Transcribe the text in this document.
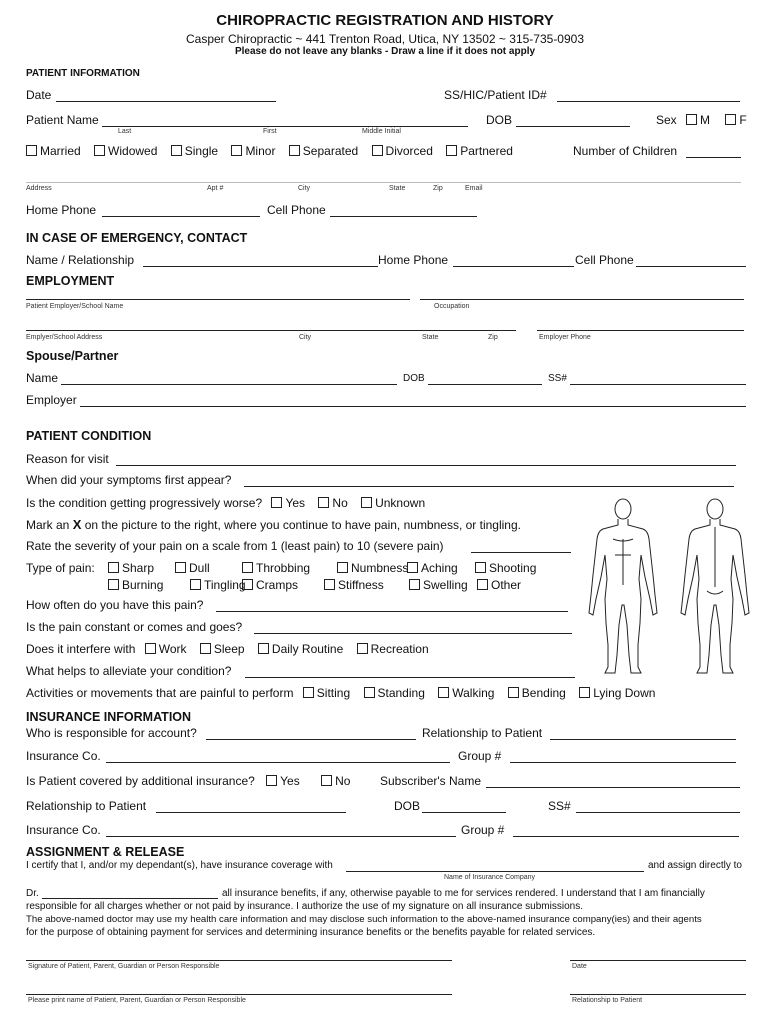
CHIROPRACTIC REGISTRATION AND HISTORY
Casper Chiropractic ~ 441 Trenton Road, Utica, NY 13502 ~ 315-735-0903
Please do not leave any blanks - Draw a line if it does not apply
PATIENT INFORMATION
Date	SS/HIC/Patient ID#
Patient Name
Last	First	Middle Initial
DOB	Sex M F
Married Widowed Single Minor Separated Divorced Partnered	Number of Children
Address	Apt #	City	State	Zip	Email
Home Phone	Cell Phone
IN CASE OF EMERGENCY, CONTACT
Name / Relationship	Home Phone	Cell Phone
EMPLOYMENT
Patient Employer/School Name	Occupation
Emplyer/School Address	City	State	Zip	Employer Phone
Spouse/Partner
Name	DOB	SS#
Employer
PATIENT CONDITION
Reason for visit
When did your symptoms first appear?
Is the condition getting progressively worse? Yes No Unknown
Mark an X on the picture to the right, where you continue to have pain, numbness, or tingling.
Rate the severity of your pain on a scale from 1 (least pain) to 10 (severe pain)
Type of pain:	Sharp	Dull	Throbbing	Numbness Aching	Shooting
Burning	Tingling Cramps	Stiffness	Swelling Other
How often do you have this pain?
Is the pain constant or comes and goes?
Does it interfere with Work Sleep Daily Routine Recreation
What helps to alleviate your condition?
Activities or movements that are painful to perform Sitting Standing Walking Bending Lying Down
INSURANCE INFORMATION
Who is responsible for account?	Relationship to Patient
Insurance Co.	Group #
Is Patient covered by additional insurance? Yes	No Subscriber's Name
Relationship to Patient	DOB	SS#
Insurance Co.	Group #
ASSIGNMENT & RELEASE
I certify that I, and/or my dependant(s), have insurance coverage with	and assign directly to
Name of Insurance Company
Dr.	all insurance benefits, if any, otherwise payable to me for services rendered. I understand that I am financially
responsible for all charges whether or not paid by insurance. I authorize the use of my signature on all insurance submissions.
The above-named doctor may use my health care information and may disclose such information to the above-named insurance company(ies) and their agents
for the purpose of obtaining payment for services and determining insurance benefits or the benefits payable for related services.
Signature of Patient, Parent, Guardian or Person Responsible	Date
Please print name of Patient, Parent, Guardian or Person Responsible	Relationship to Patient
